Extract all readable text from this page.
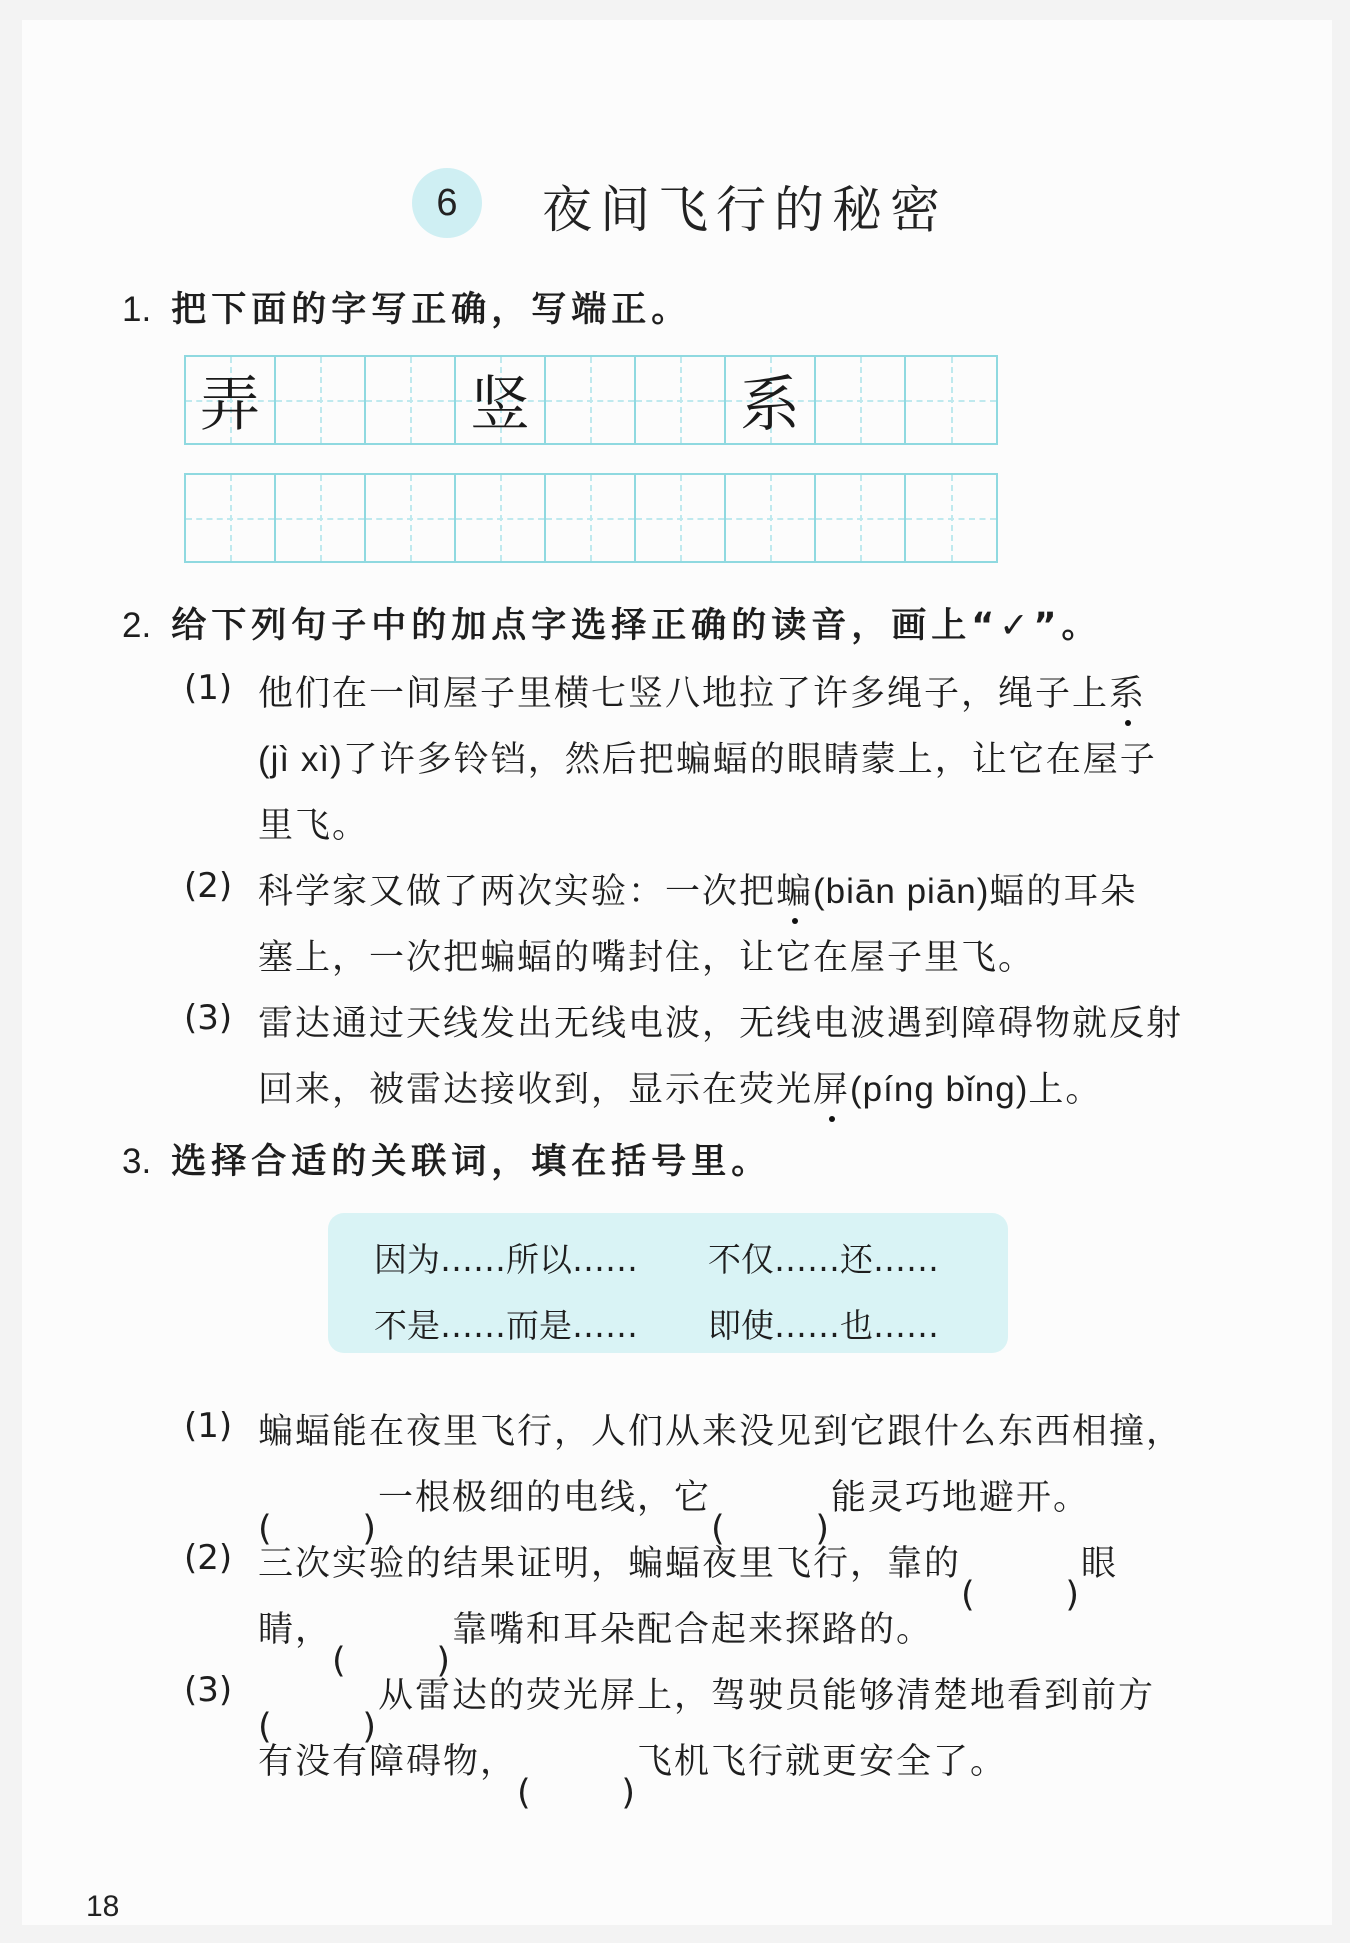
6	夜间飞行的秘密
1. 把下面的字写正确，写端正。
弄	竖	系
2. 给下列句子中的加点字选择正确的读音，画上“✓”。
(1) 他们在一间屋子里横七竖八地拉了许多绳子，绳子上系
(jì xì)了许多铃铛，然后把蝙蝠的眼睛蒙上，让它在屋子
里飞。
(2) 科学家又做了两次实验：一次把蝙(biān piān)蝠的耳朵
塞上，一次把蝙蝠的嘴封住，让它在屋子里飞。
(3) 雷达通过天线发出无线电波，无线电波遇到障碍物就反射
回来，被雷达接收到，显示在荧光屏(píng bǐng)上。
3. 选择合适的关联词，填在括号里。
因为……所以…… 不仅……还……
不是……而是…… 即使……也……
(1) 蝙蝠能在夜里飞行，人们从来没见到它跟什么东西相撞，
一根极细的电线，它	能灵巧地避开。
(2) 三次实验的结果证明，蝙蝠夜里飞行，靠的	眼
睛，	靠嘴和耳朵配合起来探路的。
(3)	从雷达的荧光屏上，驾驶员能够清楚地看到前方
有没有障碍物，	飞机飞行就更安全了。
18
